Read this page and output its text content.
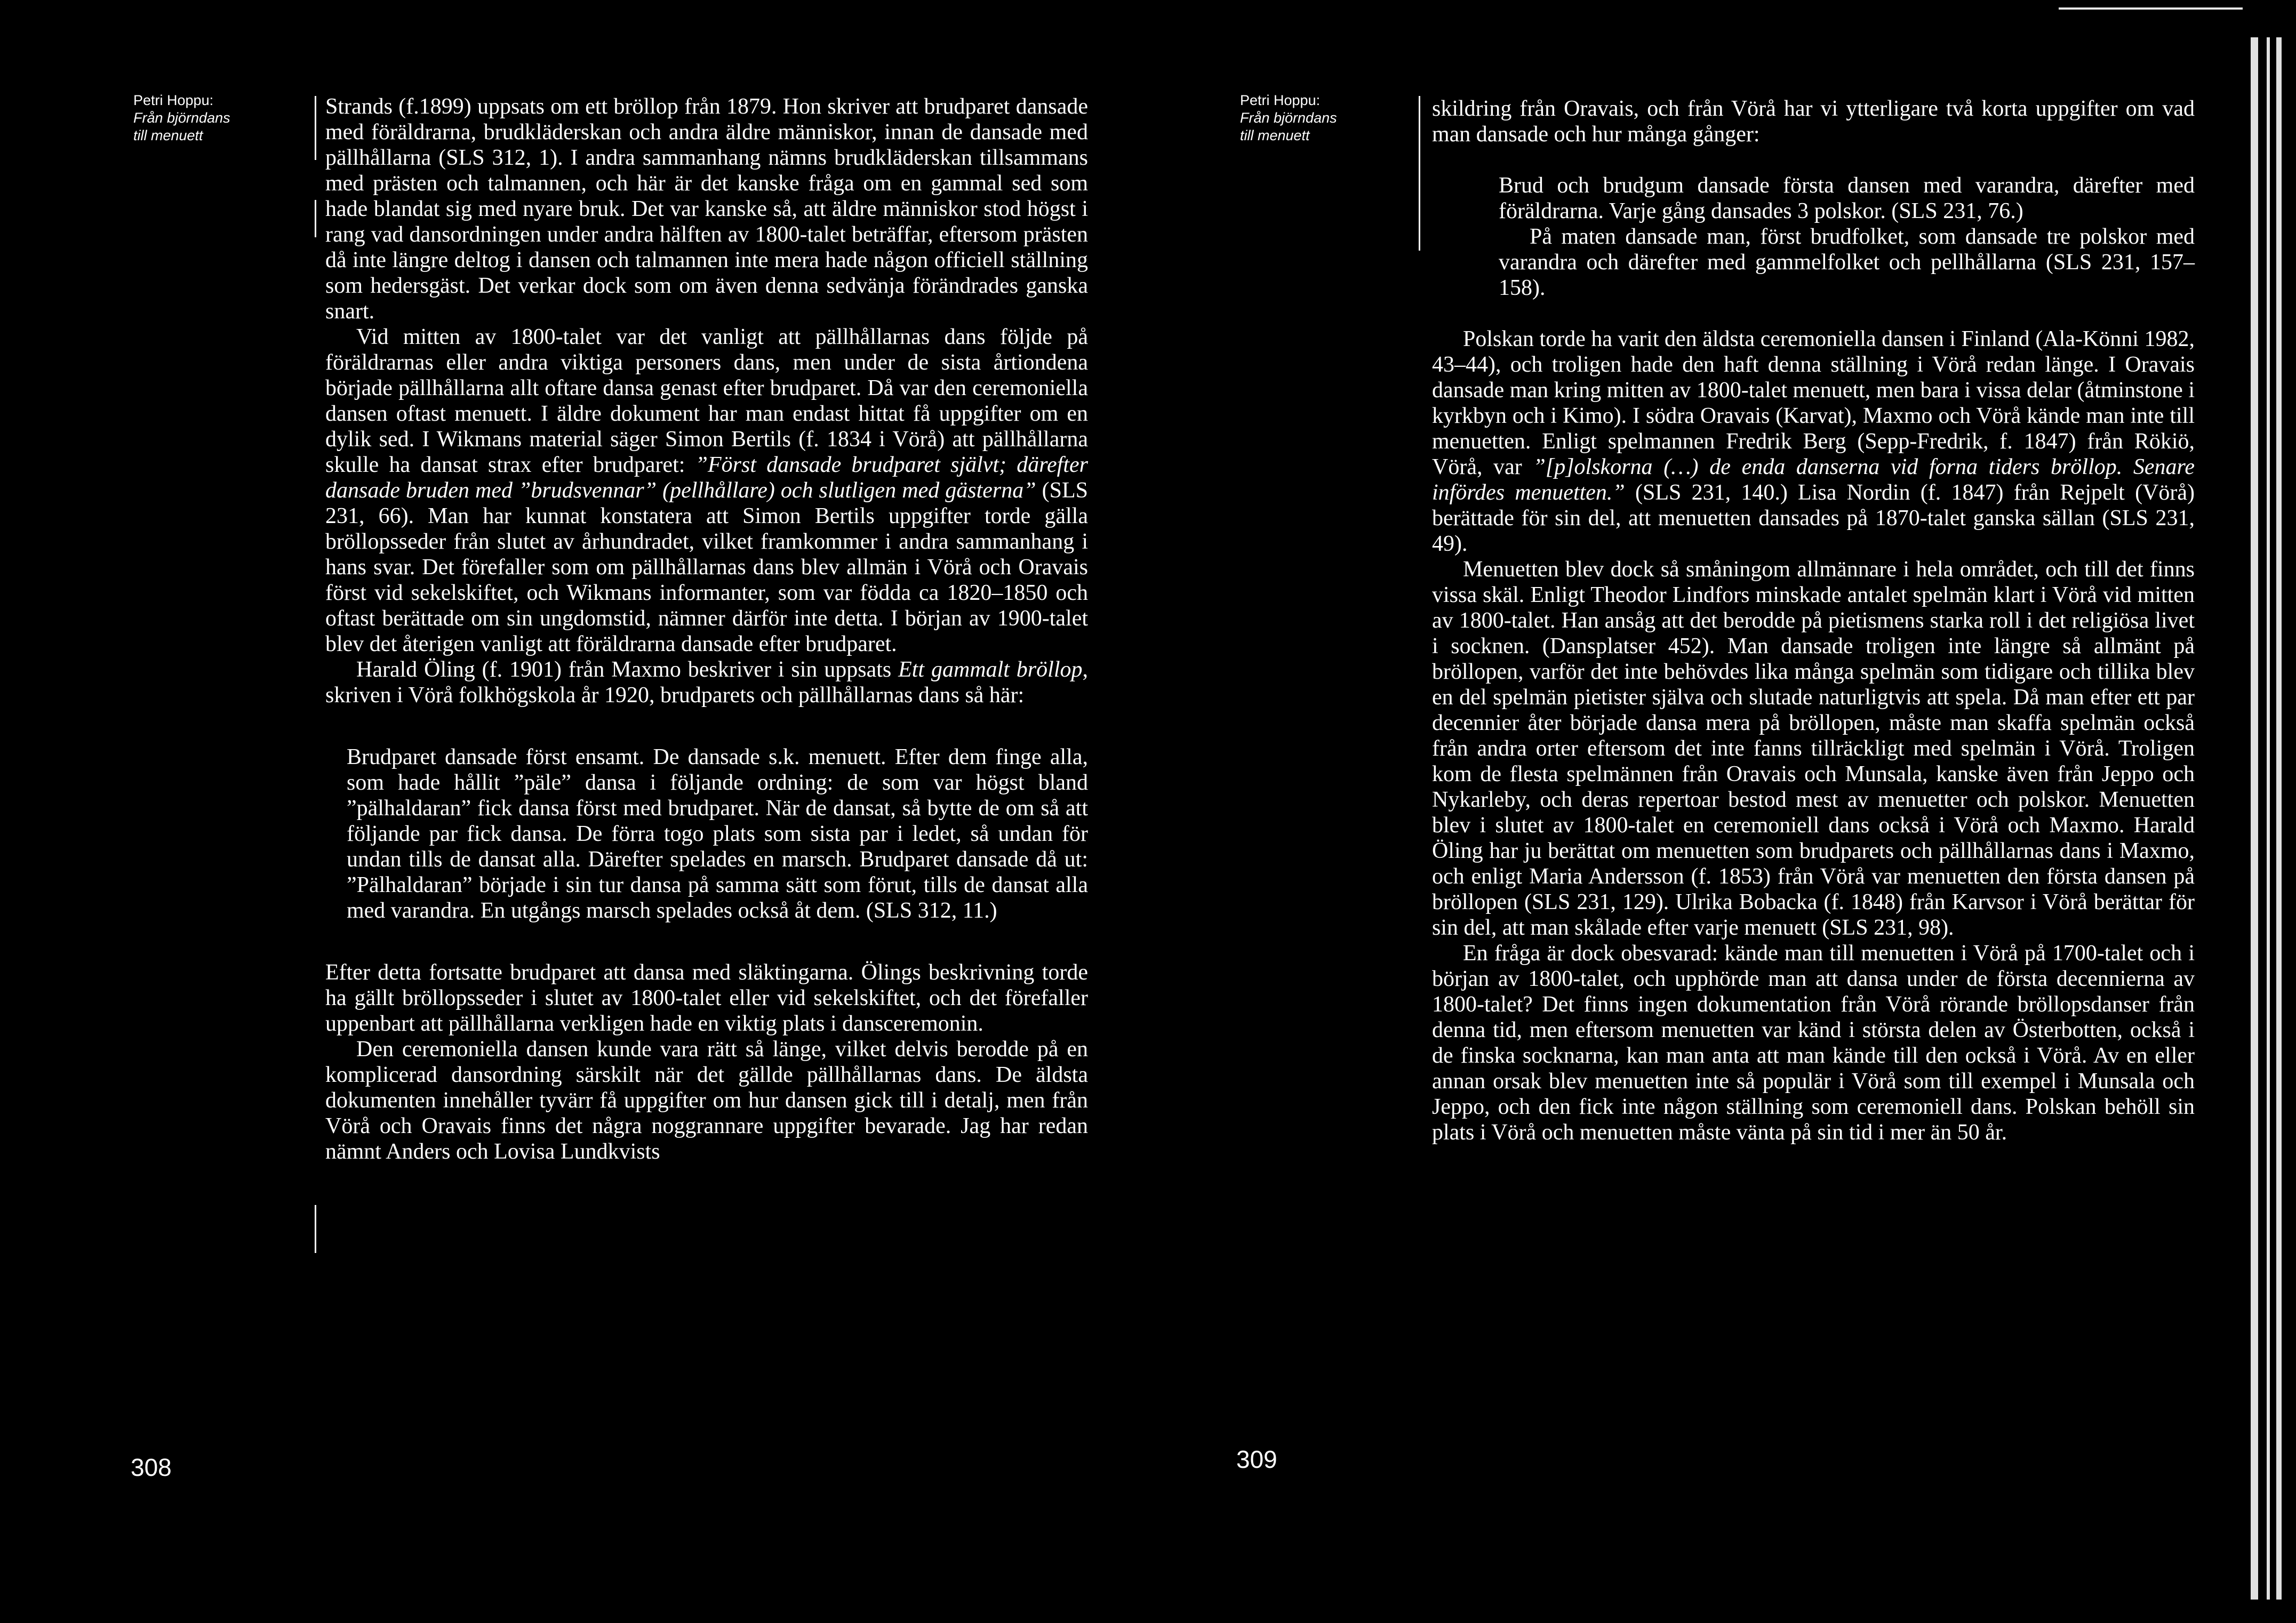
Petri Hoppu:
Från björndans
till menuett

Strands (f.1899) uppsats om ett bröllop från 1879. Hon skriver att brudparet dansade med föräldrarna, brudkläderskan och andra äldre människor, innan de dansade med pällhållarna (SLS 312, 1). I andra sammanhang nämns brudkläderskan tillsammans med prästen och talmannen, och här är det kanske fråga om en gammal sed som hade blandat sig med nyare bruk. Det var kanske så, att äldre människor stod högst i rang vad dansordningen under andra hälften av 1800-talet beträffar, eftersom prästen då inte längre deltog i dansen och talmannen inte mera hade någon officiell ställning som hedersgäst. Det verkar dock som om även denna sedvänja förändrades ganska snart.

Vid mitten av 1800-talet var det vanligt att pällhållarnas dans följde på föräldrarnas eller andra viktiga personers dans, men under de sista årtiondena började pällhållarna allt oftare dansa genast efter brudparet. Då var den ceremoniella dansen oftast menuett. I äldre dokument har man endast hittat få uppgifter om en dylik sed. I Wikmans material säger Simon Bertils (f. 1834 i Vörå) att pällhållarna skulle ha dansat strax efter brudparet: ”Först dansade brudparet självt; därefter dansade bruden med ”brudsvennar” (pellhållare) och slutligen med gästerna” (SLS 231, 66). Man har kunnat konstatera att Simon Bertils uppgifter torde gälla bröllopsseder från slutet av århundradet, vilket framkommer i andra sammanhang i hans svar. Det förefaller som om pällhållarnas dans blev allmän i Vörå och Oravais först vid sekelskiftet, och Wikmans informanter, som var födda ca 1820–1850 och oftast berättade om sin ungdomstid, nämner därför inte detta. I början av 1900-talet blev det återigen vanligt att föräldrarna dansade efter brudparet.

Harald Öling (f. 1901) från Maxmo beskriver i sin uppsats Ett gammalt bröllop, skriven i Vörå folkhögskola år 1920, brudparets och pällhållarnas dans så här:

Brudparet dansade först ensamt. De dansade s.k. menuett. Efter dem finge alla, som hade hållit ”päle” dansa i följande ordning: de som var högst bland ”pälhaldaran” fick dansa först med brudparet. När de dansat, så bytte de om så att följande par fick dansa. De förra togo plats som sista par i ledet, så undan för undan tills de dansat alla. Därefter spelades en marsch. Brudparet dansade då ut: ”Pälhaldaran” började i sin tur dansa på samma sätt som förut, tills de dansat alla med varandra. En utgångs marsch spelades också åt dem. (SLS 312, 11.)

Efter detta fortsatte brudparet att dansa med släktingarna. Ölings beskrivning torde ha gällt bröllopsseder i slutet av 1800-talet eller vid sekelskiftet, och det förefaller uppenbart att pällhållarna verkligen hade en viktig plats i dansceremonin.

Den ceremoniella dansen kunde vara rätt så länge, vilket delvis berodde på en komplicerad dansordning särskilt när det gällde pällhållarnas dans. De äldsta dokumenten innehåller tyvärr få uppgifter om hur dansen gick till i detalj, men från Vörå och Oravais finns det några noggrannare uppgifter bevarade. Jag har redan nämnt Anders och Lovisa Lundkvists

308
Petri Hoppu:
Från björndans
till menuett

skildring från Oravais, och från Vörå har vi ytterligare två korta uppgifter om vad man dansade och hur många gånger:

Brud och brudgum dansade första dansen med varandra, därefter med föräldrarna. Varje gång dansades 3 polskor. (SLS 231, 76.)

På maten dansade man, först brudfolket, som dansade tre polskor med varandra och därefter med gammelfolket och pellhållarna (SLS 231, 157–158).

Polskan torde ha varit den äldsta ceremoniella dansen i Finland (Ala-Könni 1982, 43–44), och troligen hade den haft denna ställning i Vörå redan länge. I Oravais dansade man kring mitten av 1800-talet menuett, men bara i vissa delar (åtminstone i kyrkbyn och i Kimo). I södra Oravais (Karvat), Maxmo och Vörå kände man inte till menuetten. Enligt spelmannen Fredrik Berg (Sepp-Fredrik, f. 1847) från Rökiö, Vörå, var ”[p]olskorna (…) de enda danserna vid forna tiders bröllop. Senare infördes menuetten.” (SLS 231, 140.) Lisa Nordin (f. 1847) från Rejpelt (Vörå) berättade för sin del, att menuetten dansades på 1870-talet ganska sällan (SLS 231, 49).

Menuetten blev dock så småningom allmännare i hela området, och till det finns vissa skäl. Enligt Theodor Lindfors minskade antalet spelmän klart i Vörå vid mitten av 1800-talet. Han ansåg att det berodde på pietismens starka roll i det religiösa livet i socknen. (Dansplatser 452). Man dansade troligen inte längre så allmänt på bröllopen, varför det inte behövdes lika många spelmän som tidigare och tillika blev en del spelmän pietister själva och slutade naturligtvis att spela. Då man efter ett par decennier åter började dansa mera på bröllopen, måste man skaffa spelmän också från andra orter eftersom det inte fanns tillräckligt med spelmän i Vörå. Troligen kom de flesta spelmännen från Oravais och Munsala, kanske även från Jeppo och Nykarleby, och deras repertoar bestod mest av menuetter och polskor. Menuetten blev i slutet av 1800-talet en ceremoniell dans också i Vörå och Maxmo. Harald Öling har ju berättat om menuetten som brudparets och pällhållarnas dans i Maxmo, och enligt Maria Andersson (f. 1853) från Vörå var menuetten den första dansen på bröllopen (SLS 231, 129). Ulrika Bobacka (f. 1848) från Karvsor i Vörå berättar för sin del, att man skålade efter varje menuett (SLS 231, 98).

En fråga är dock obesvarad: kände man till menuetten i Vörå på 1700-talet och i början av 1800-talet, och upphörde man att dansa under de första decennierna av 1800-talet? Det finns ingen dokumentation från Vörå rörande bröllopsdanser från denna tid, men eftersom menuetten var känd i största delen av Österbotten, också i de finska socknarna, kan man anta att man kände till den också i Vörå. Av en eller annan orsak blev menuetten inte så populär i Vörå som till exempel i Munsala och Jeppo, och den fick inte någon ställning som ceremoniell dans. Polskan behöll sin plats i Vörå och menuetten måste vänta på sin tid i mer än 50 år.

309
